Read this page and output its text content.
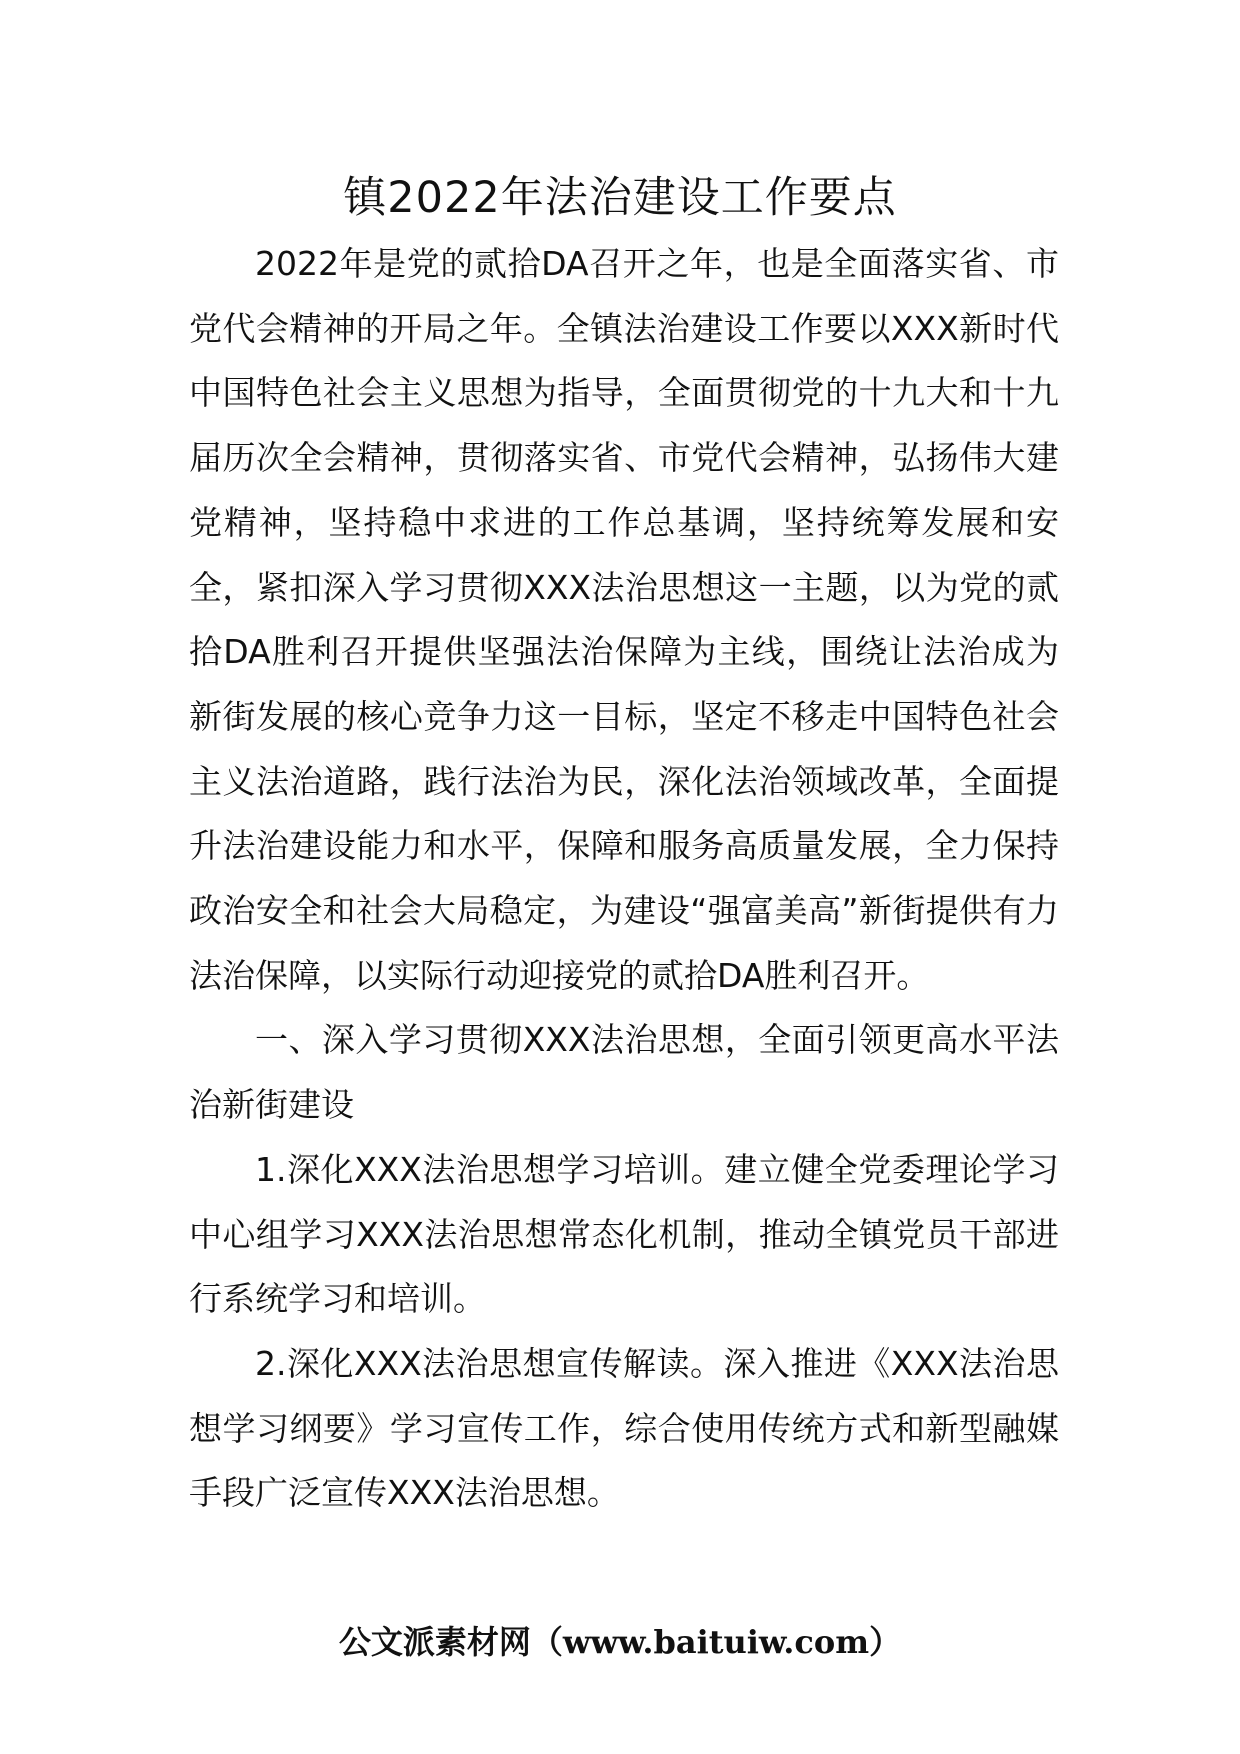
镇2022年法治建设工作要点

2022年是党的贰拾DA召开之年，也是全面落实省、市党代会精神的开局之年。全镇法治建设工作要以XXX新时代中国特色社会主义思想为指导，全面贯彻党的十九大和十九届历次全会精神，贯彻落实省、市党代会精神，弘扬伟大建党精神，坚持稳中求进的工作总基调，坚持统筹发展和安全，紧扣深入学习贯彻XXX法治思想这一主题，以为党的贰拾DA胜利召开提供坚强法治保障为主线，围绕让法治成为新街发展的核心竞争力这一目标，坚定不移走中国特色社会主义法治道路，践行法治为民，深化法治领域改革，全面提升法治建设能力和水平，保障和服务高质量发展，全力保持政治安全和社会大局稳定，为建设“强富美高”新街提供有力法治保障，以实际行动迎接党的贰拾DA胜利召开。

一、深入学习贯彻XXX法治思想，全面引领更高水平法治新街建设

1.深化XXX法治思想学习培训。建立健全党委理论学习中心组学习XXX法治思想常态化机制，推动全镇党员干部进行系统学习和培训。

2.深化XXX法治思想宣传解读。深入推进《XXX法治思想学习纲要》学习宣传工作，综合使用传统方式和新型融媒手段广泛宣传XXX法治思想。

公文派素材网（www.baituiw.com）
